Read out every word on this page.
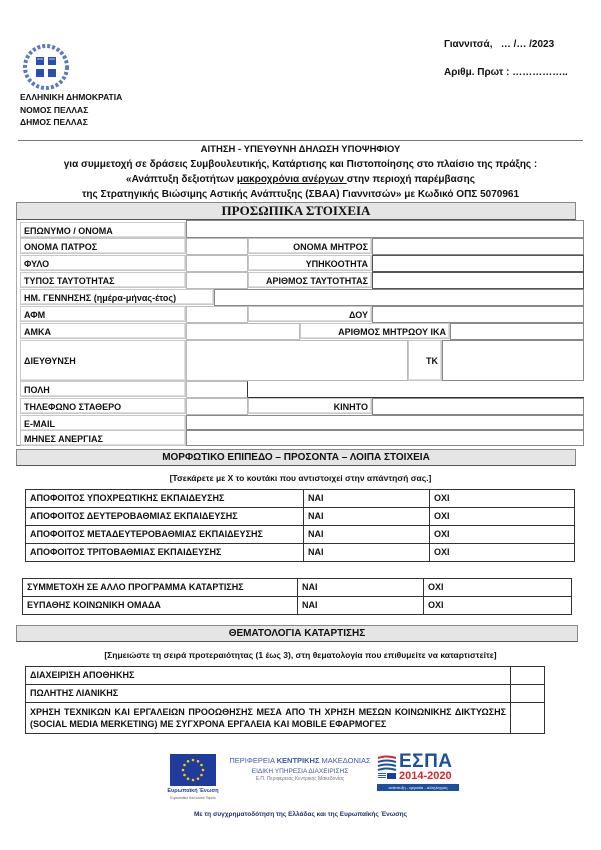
ΕΛΛΗΝΙΚΗ ΔΗΜΟΚΡΑΤΙΑ
ΝΟΜΟΣ ΠΕΛΛΑΣ
ΔΗΜΟΣ ΠΕΛΛΑΣ
Γιαννιτσά,   … /… /2023
Αριθμ. Πρωτ : ……………..
ΑΙΤΗΣΗ - ΥΠΕΥΘΥΝΗ ΔΗΛΩΣΗ ΥΠΟΨΗΦΙΟΥ
για συμμετοχή σε δράσεις Συμβουλευτικής, Κατάρτισης και Πιστοποίησης στο πλαίσιο της πράξης :
«Ανάπτυξη δεξιοτήτων μακροχρόνια ανέργων στην περιοχή παρέμβασης
της Στρατηγικής Βιώσιμης Αστικής Ανάπτυξης (ΣΒΑΑ) Γιαννιτσών» με Κωδικό ΟΠΣ 5070961
ΠΡΟΣΩΠΙΚΑ ΣΤΟΙΧΕΙΑ
ΕΠΩΝΥΜΟ / ΟΝΟΜΑ
ΟΝΟΜΑ ΠΑΤΡΟΣ	ΟΝΟΜΑ ΜΗΤΡΟΣ
ΦΥΛΟ	ΥΠΗΚΟΟΤΗΤΑ
ΤΥΠΟΣ ΤΑΥΤΟΤΗΤΑΣ	ΑΡΙΘΜΟΣ ΤΑΥΤΟΤΗΤΑΣ
ΗΜ. ΓΕΝΝΗΣΗΣ (ημέρα-μήνας-έτος)
ΑΦΜ	ΔΟΥ
ΑΜΚΑ	ΑΡΙΘΜΟΣ ΜΗΤΡΩΟΥ ΙΚΑ
ΔΙΕΥΘΥΝΣΗ	ΤΚ
ΠΟΛΗ
ΤΗΛΕΦΩΝΟ ΣΤΑΘΕΡΟ	ΚΙΝΗΤΟ
E-MAIL
ΜΗΝΕΣ ΑΝΕΡΓΙΑΣ
ΜΟΡΦΩΤΙΚΟ ΕΠΙΠΕΔΟ – ΠΡΟΣΟΝΤΑ – ΛΟΙΠΑ ΣΤΟΙΧΕΙΑ
[Τσεκάρετε με Χ το κουτάκι που αντιστοιχεί στην απάντησή σας.]
ΑΠΟΦΟΙΤΟΣ ΥΠΟΧΡΕΩΤΙΚΗΣ ΕΚΠΑΙΔΕΥΣΗΣ	ΝΑΙ	ΟΧΙ
ΑΠΟΦΟΙΤΟΣ ΔΕΥΤΕΡΟΒΑΘΜΙΑΣ ΕΚΠΑΙΔΕΥΣΗΣ	ΝΑΙ	ΟΧΙ
ΑΠΟΦΟΙΤΟΣ ΜΕΤΑΔΕΥΤΕΡΟΒΑΘΜΙΑΣ ΕΚΠΑΙΔΕΥΣΗΣ	ΝΑΙ	ΟΧΙ
ΑΠΟΦΟΙΤΟΣ ΤΡΙΤΟΒΑΘΜΙΑΣ ΕΚΠΑΙΔΕΥΣΗΣ	ΝΑΙ	ΟΧΙ
ΣΥΜΜΕΤΟΧΗ ΣΕ ΑΛΛΟ ΠΡΟΓΡΑΜΜΑ ΚΑΤΑΡΤΙΣΗΣ	ΝΑΙ	ΟΧΙ
ΕΥΠΑΘΗΣ ΚΟΙΝΩΝΙΚΗ ΟΜΑΔΑ	ΝΑΙ	ΟΧΙ
ΘΕΜΑΤΟΛΟΓΙΑ ΚΑΤΑΡΤΙΣΗΣ
[Σημειώστε τη σειρά προτεραιότητας (1 έως 3), στη θεματολογία που επιθυμείτε να καταρτιστείτε]
ΔΙΑΧΕΙΡΙΣΗ ΑΠΟΘΗΚΗΣ	
ΠΩΛΗΤΗΣ ΛΙΑΝΙΚΗΣ	
ΧΡΗΣΗ ΤΕΧΝΙΚΩΝ ΚΑΙ ΕΡΓΑΛΕΙΩΝ ΠΡΟΟΩΘΗΣΗΣ ΜΕΣΑ ΑΠΟ ΤΗ ΧΡΗΣΗ ΜΕΣΩΝ ΚΟΙΝΩΝΙΚΗΣ ΔΙΚΤΥΩΣΗΣ (SOCIAL MEDIA MERKETING) ΜΕ ΣΥΓΧΡΟΝΑ ΕΡΓΑΛΕΙΑ ΚΑΙ MOBILE ΕΦΑΡΜΟΓΕΣ	
Ευρωπαϊκή Ένωση
Ευρωπαϊκό Κοινωνικό Ταμείο
ΠΕΡΙΦΕΡΕΙΑ ΚΕΝΤΡΙΚΗΣ ΜΑΚΕΔΟΝΙΑΣ
ΕΙΔΙΚΗ ΥΠΗΡΕΣΙΑ ΔΙΑΧΕΙΡΙΣΗΣ
Ε.Π. Περιφέρειας Κεντρικής Μακεδονίας
ΕΣΠΑ
2014-2020
ανάπτυξη - εργασία - αλληλεγγύη
Με τη συγχρηματοδότηση της Ελλάδας και της Ευρωπαϊκής Ένωσης
